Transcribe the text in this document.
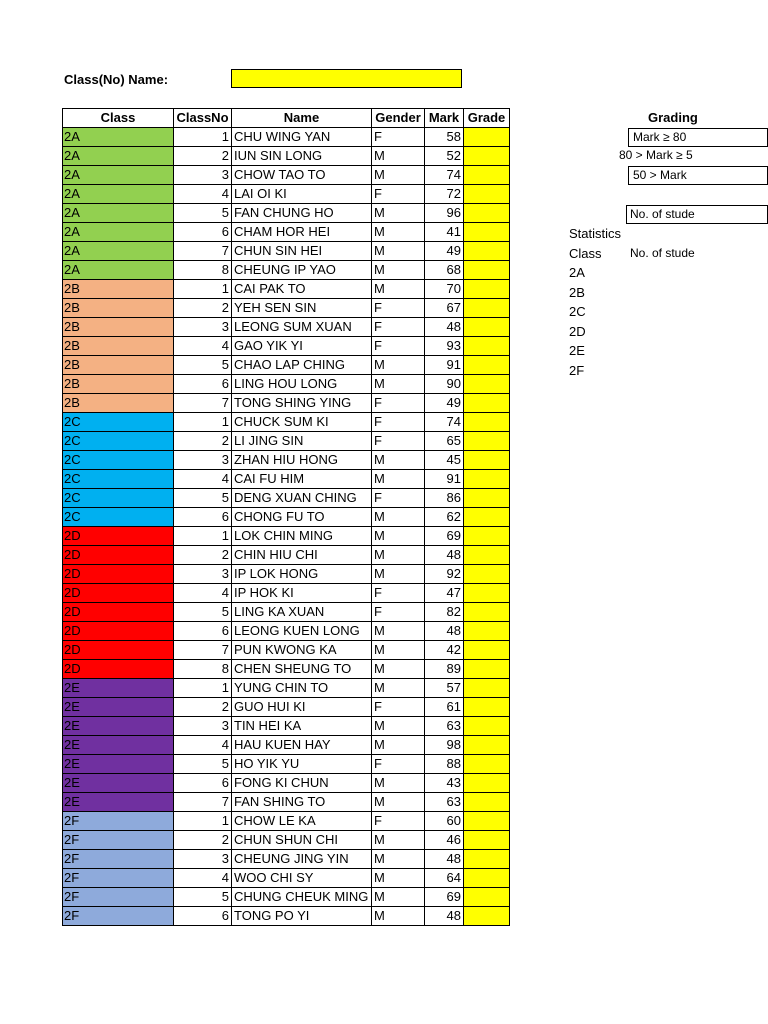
Class(No) Name:
Class	ClassNo	Name	Gender	Mark	Grade
2A	1	CHU WING YAN	F	58	
2A	2	IUN SIN LONG	M	52	
2A	3	CHOW TAO TO	M	74	
2A	4	LAI OI KI	F	72	
2A	5	FAN CHUNG HO	M	96	
2A	6	CHAM HOR HEI	M	41	
2A	7	CHUN SIN HEI	M	49	
2A	8	CHEUNG IP YAO	M	68	
2B	1	CAI PAK TO	M	70	
2B	2	YEH SEN SIN	F	67	
2B	3	LEONG SUM XUAN	F	48	
2B	4	GAO YIK YI	F	93	
2B	5	CHAO LAP CHING	M	91	
2B	6	LING HOU LONG	M	90	
2B	7	TONG SHING YING	F	49	
2C	1	CHUCK SUM KI	F	74	
2C	2	LI JING SIN	F	65	
2C	3	ZHAN HIU HONG	M	45	
2C	4	CAI FU HIM	M	91	
2C	5	DENG XUAN CHING	F	86	
2C	6	CHONG FU TO	M	62	
2D	1	LOK CHIN MING	M	69	
2D	2	CHIN HIU CHI	M	48	
2D	3	IP LOK HONG	M	92	
2D	4	IP HOK KI	F	47	
2D	5	LING KA XUAN	F	82	
2D	6	LEONG KUEN LONG	M	48	
2D	7	PUN KWONG KA	M	42	
2D	8	CHEN SHEUNG TO	M	89	
2E	1	YUNG CHIN TO	M	57	
2E	2	GUO HUI KI	F	61	
2E	3	TIN HEI KA	M	63	
2E	4	HAU KUEN HAY	M	98	
2E	5	HO YIK YU	F	88	
2E	6	FONG KI CHUN	M	43	
2E	7	FAN SHING TO	M	63	
2F	1	CHOW LE KA	F	60	
2F	2	CHUN SHUN CHI	M	46	
2F	3	CHEUNG JING YIN	M	48	
2F	4	WOO CHI SY	M	64	
2F	5	CHUNG CHEUK MING	M	69	
2F	6	TONG PO YI	M	48	
Grading
Mark ≥ 80
80 > Mark ≥ 5
50 > Mark
No. of stude
Statistics
Class No. of stude
2A
2B
2C
2D
2E
2F
